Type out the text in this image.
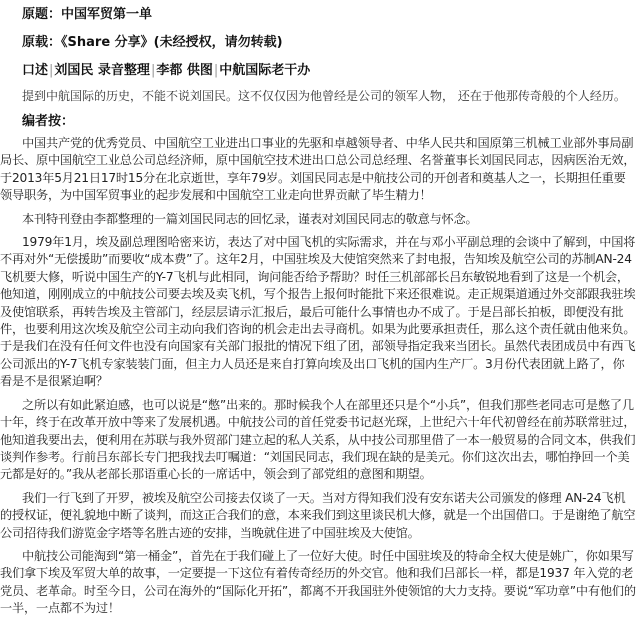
原题：中国军贸第一单
原载：《Share 分享》(未经授权，请勿转载)
口述|刘国民 录音整理|李都 供图|中航国际老干办
提到中航国际的历史，不能不说刘国民。这不仅仅因为他曾经是公司的领军人物， 还在于他那传奇般的个人经历。
编者按：

中国共产党的优秀党员、中国航空工业进出口事业的先驱和卓越领导者、中华人民共和国原第三机械工业部外事局副局长、原中国航空工业总公司总经济师，原中国航空技术进出口总公司总经理、名誉董事长刘国民同志，因病医治无效，于2013年5月21日17时15分在北京逝世，享年79岁。刘国民同志是中航技公司的开创者和奠基人之一，长期担任重要领导职务，为中国军贸事业的起步发展和中国航空工业走向世界贡献了毕生精力！

本刊特刊登由李都整理的一篇刘国民同志的回忆录，谨表对刘国民同志的敬意与怀念。

1979年1月，埃及副总理图哈密来访，表达了对中国飞机的实际需求，并在与邓小平副总理的会谈中了解到，中国将不再对外“无偿援助”而要收“成本费”了。这年2月，中国驻埃及大使馆突然来了封电报，告知埃及航空公司的苏制AN-24飞机要大修，听说中国生产的Y-7飞机与此相同，询问能否给予帮助？时任三机部部长吕东敏锐地看到了这是一个机会，他知道，刚刚成立的中航技公司要去埃及卖飞机，写个报告上报何时能批下来还很难说。走正规渠道通过外交部跟我驻埃及使馆联系，再转告埃及主管部门，经层层请示汇报后，最后可能什么事情也办不成了。于是吕部长拍板，即便没有批件，也要利用这次埃及航空公司主动向我们咨询的机会走出去寻商机。如果为此要承担责任，那么这个责任就由他来负。于是我们在没有任何文件也没有向国家有关部门报批的情况下组了团，部领导指定我来当团长。虽然代表团成员中有西飞公司派出的Y-7飞机专家装装门面，但主力人员还是来自打算向埃及出口飞机的国内生产厂。3月份代表团就上路了，你看是不是很紧迫啊？

之所以有如此紧迫感，也可以说是“憋”出来的。那时候我个人在部里还只是个“小兵”，但我们那些老同志可是憋了几十年，终于在改革开放中等来了发展机遇。中航技公司的首任党委书记赵光琛，上世纪六十年代初曾经在前苏联常驻过，他知道我要出去，便利用在苏联与我外贸部门建立起的私人关系，从中技公司那里借了一本一般贸易的合同文本，供我们谈判作参考。行前吕东部长专门把我找去叮嘱道：“刘国民同志，我们现在缺的是美元。你们这次出去，哪怕挣回一个美元都是好的。”我从老部长那语重心长的一席话中，领会到了部党组的意图和期望。

我们一行飞到了开罗，被埃及航空公司接去仅谈了一天。当对方得知我们没有安东诺夫公司颁发的修理 AN-24飞机的授权证，便礼貌地中断了谈判，而这正合我们的意，本来我们到这里谈民机大修，就是一个出国借口。于是谢绝了航空公司招待我们游览金字塔等名胜古迹的安排，当晚就住进了中国驻埃及大使馆。

中航技公司能淘到“第一桶金”，首先在于我们碰上了一位好大使。时任中国驻埃及的特命全权大使是姚广，你如果写我们拿下埃及军贸大单的故事，一定要提一下这位有着传奇经历的外交官。他和我们吕部长一样，都是1937 年入党的老党员、老革命。时至今日，公司在海外的“国际化开拓”，都离不开我国驻外使领馆的大力支持。要说“军功章”中有他们的一半，一点都不为过！
